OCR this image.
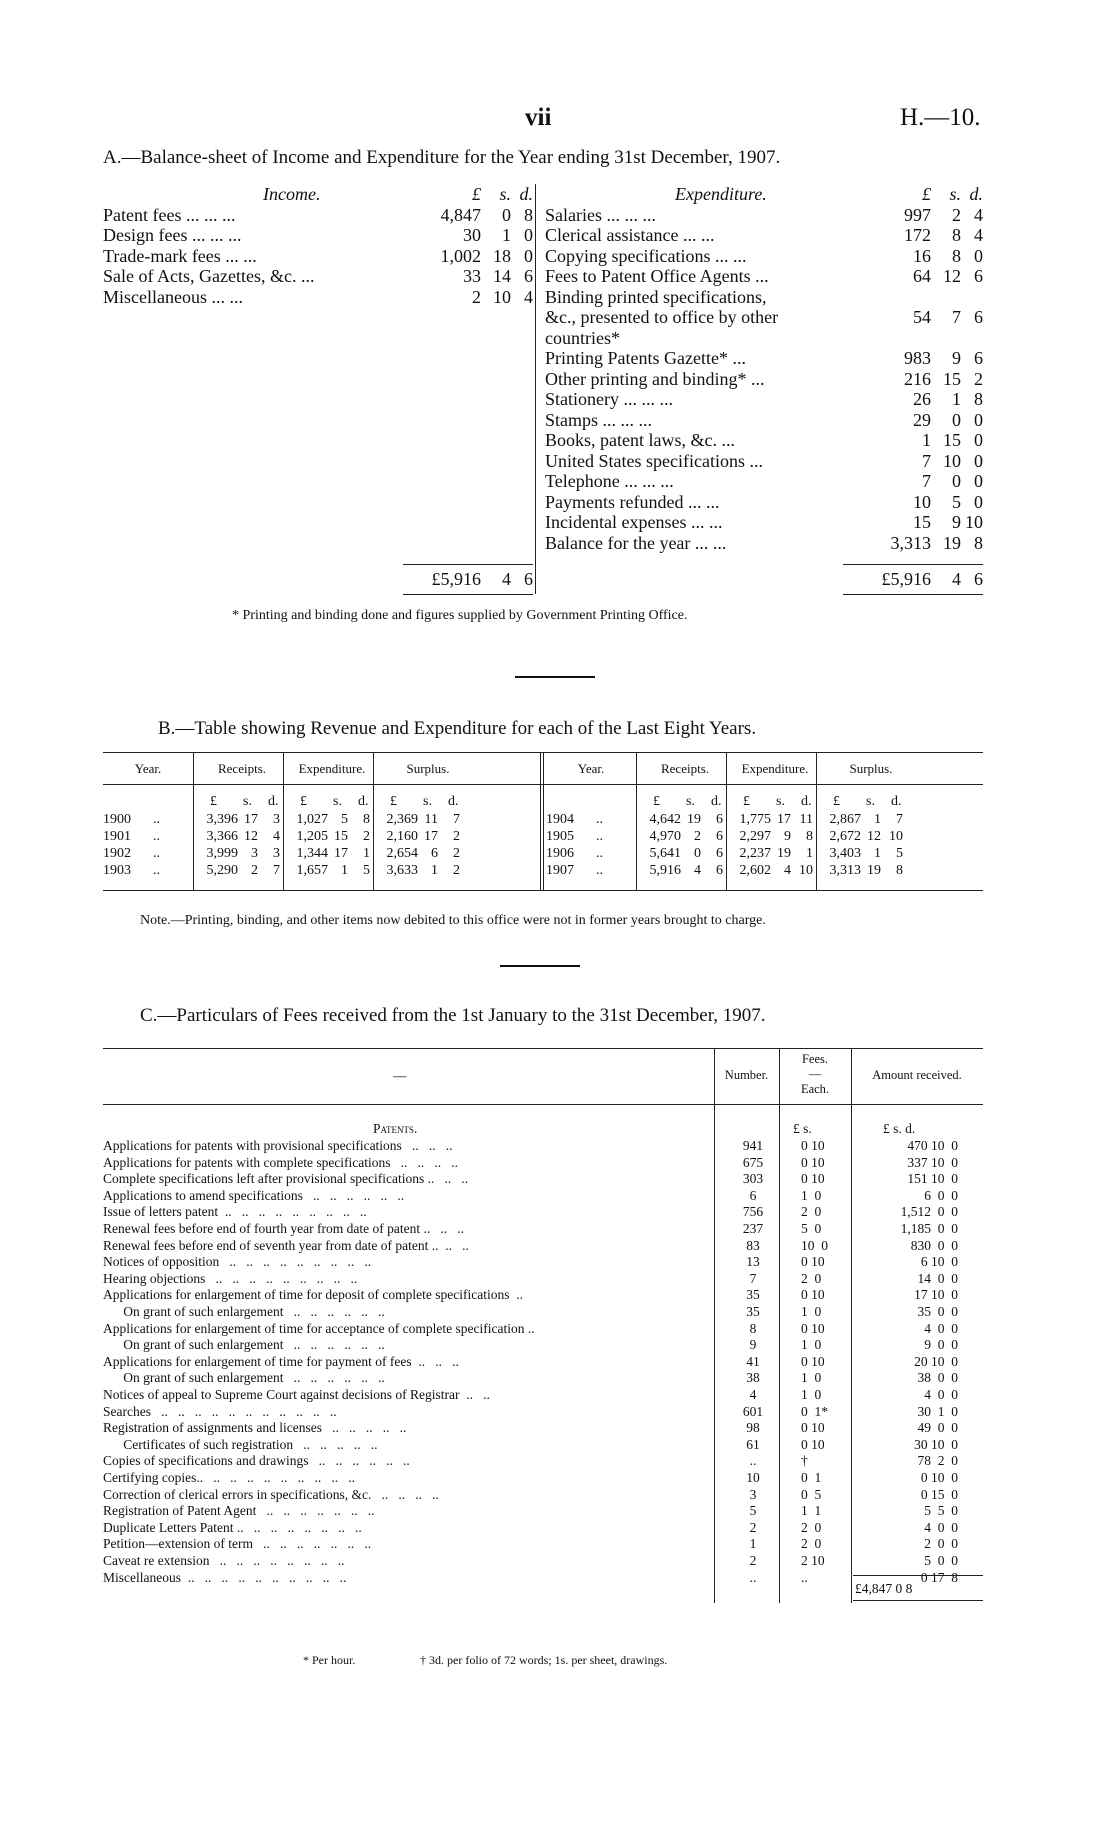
vii	H.—10.
A.—Balance-sheet of Income and Expenditure for the Year ending 31st December, 1907.
Income.	£ s. d.
Patent fees ... ... ...	4,847 0 8
Design fees ... ... ...	30 1 0
Trade-mark fees ... ...	1,002 18 0
Sale of Acts, Gazettes, &c. ...	33 14 6
Miscellaneous ... ...	2 10 4
Expenditure.	£ s. d.
Salaries ... ... ...	997 2 4
Clerical assistance ... ...	172 8 4
Copying specifications ... ...	16 8 0
Fees to Patent Office Agents ...	64 12 6
Binding printed specifications,
&c., presented to office by other	54 7 6
countries*
Printing Patents Gazette* ...	983 9 6
Other printing and binding* ...	216 15 2
Stationery ... ... ...	26 1 8
Stamps ... ... ...	29 0 0
Books, patent laws, &c. ...	1 15 0
United States specifications ...	7 10 0
Telephone ... ... ...	7 0 0
Payments refunded ... ...	10 5 0
Incidental expenses ... ...	15 9 10
Balance for the year ... ...	3,313 19 8
£5,916 4 6	£5,916 4 6
* Printing and binding done and figures supplied by Government Printing Office.
B.—Table showing Revenue and Expenditure for each of the Last Eight Years.
Year.	Receipts.	Expenditure.	Surplus.
£ s. d. £ s. d. £ s. d.
1900 ..	3,396 17	3	1,027 5	8	2,369 11	7
1901 ..	3,366 12	4	1,205 15	2	2,160 17	2
1902 ..	3,999 3	3	1,344 17	1	2,654 6	2
1903 ..	5,290 2	7	1,657 1	5	3,633 1	2
Year.	Receipts.	Expenditure.	Surplus.
£ s. d. £ s. d. £ s. d.
1904 ..	4,642 19	6	1,775 17 11	2,867 1	7
1905 ..	4,970 2	6	2,297 9	8	2,672 12 10
1906 ..	5,641 0	6	2,237 19	1	3,403 1	5
1907 ..	5,916 4	6	2,602 4 10	3,313 19	8
Note.—Printing, binding, and other items now debited to this office were not in former years brought to charge.
C.—Particulars of Fees received from the 1st January to the 31st December, 1907.
—	Number.
Fees.
—
Each.
Amount received.
Patents.	£ s.	£ s. d.
Applications for patents with provisional specifications   ..   ..   ..	941	0 10	470 10  0
Applications for patents with complete specifications   ..   ..   ..   ..	675	0 10	337 10  0
Complete specifications left after provisional specifications ..   ..   ..	303	0 10	151 10  0
Applications to amend specifications   ..   ..   ..   ..   ..   ..	6	1  0	6  0  0
Issue of letters patent  ..   ..   ..   ..   ..   ..   ..   ..   ..	756	2  0	1,512  0  0
Renewal fees before end of fourth year from date of patent ..   ..   ..	237	5  0	1,185  0  0
Renewal fees before end of seventh year from date of patent ..  ..   ..	83	10  0	830  0  0
Notices of opposition   ..   ..   ..   ..   ..   ..   ..   ..   ..	13	0 10	6 10  0
Hearing objections   ..   ..   ..   ..   ..   ..   ..   ..   ..	7	2  0	14  0  0
Applications for enlargement of time for deposit of complete specifications  ..	35	0 10	17 10  0
On grant of such enlargement   ..   ..   ..   ..   ..   ..	35	1  0	35  0  0
Applications for enlargement of time for acceptance of complete specification ..	8	0 10	4  0  0
On grant of such enlargement   ..   ..   ..   ..   ..   ..	9	1  0	9  0  0
Applications for enlargement of time for payment of fees  ..   ..   ..	41	0 10	20 10  0
On grant of such enlargement   ..   ..   ..   ..   ..   ..	38	1  0	38  0  0
Notices of appeal to Supreme Court against decisions of Registrar  ..   ..	4	1  0	4  0  0
Searches   ..   ..   ..   ..   ..   ..   ..   ..   ..   ..   ..	601	0  1*	30  1  0
Registration of assignments and licenses   ..   ..   ..   ..   ..	98	0 10	49  0  0
Certificates of such registration   ..   ..   ..   ..   ..	61	0 10	30 10  0
Copies of specifications and drawings   ..   ..   ..   ..   ..   ..	..	†	78  2  0
Certifying copies..   ..   ..   ..   ..   ..   ..   ..   ..   ..	10	0  1	0 10  0
Correction of clerical errors in specifications, &c.   ..   ..   ..   ..	3	0  5	0 15  0
Registration of Patent Agent   ..   ..   ..   ..   ..   ..   ..	5	1  1	5  5  0
Duplicate Letters Patent ..   ..   ..   ..   ..   ..   ..   ..	2	2  0	4  0  0
Petition—extension of term   ..   ..   ..   ..   ..   ..   ..	1	2  0	2  0  0
Caveat re extension   ..   ..   ..   ..   ..   ..   ..   ..	2	2 10	5  0  0
Miscellaneous  ..   ..   ..   ..   ..   ..   ..   ..   ..   ..	..	..	0 17  8
£4,847 0 8
* Per hour.	† 3d. per folio of 72 words; 1s. per sheet, drawings.
